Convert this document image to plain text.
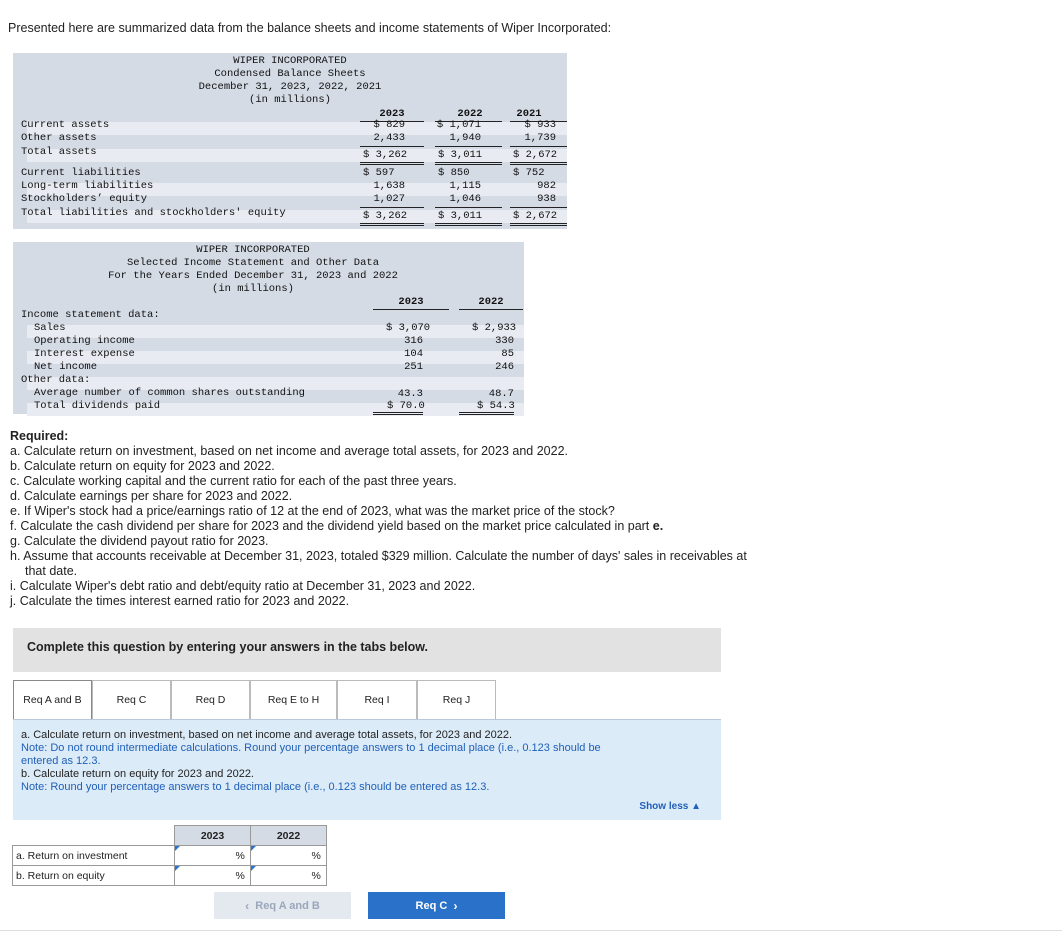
Presented here are summarized data from the balance sheets and income statements of Wiper Incorporated:
WIPER INCORPORATED
Condensed Balance Sheets
December 31, 2023, 2022, 2021
(in millions)
2023	2022	2021
Current assets	$ 829	$ 1,071	$ 933
Other assets	2,433	1,940	1,739
Total assets	$ 3,262	$ 3,011	$ 2,672
Current liabilities	$ 597	$ 850	$ 752
Long-term liabilities	1,638	1,115	982
Stockholders’ equity	1,027	1,046	938
Total liabilities and stockholders' equity	$ 3,262	$ 3,011	$ 2,672
WIPER INCORPORATED
Selected Income Statement and Other Data
For the Years Ended December 31, 2023 and 2022
(in millions)
2023	2022
Income statement data:
Sales	$ 3,070	$ 2,933
Operating income	316	330
Interest expense	104	85
Net income	251	246
Other data:
Average number of common shares outstanding	43.3	48.7
Total dividends paid	$ 70.0	$ 54.3
Required:
a. Calculate return on investment, based on net income and average total assets, for 2023 and 2022.
b. Calculate return on equity for 2023 and 2022.
c. Calculate working capital and the current ratio for each of the past three years.
d. Calculate earnings per share for 2023 and 2022.
e. If Wiper's stock had a price/earnings ratio of 12 at the end of 2023, what was the market price of the stock?
f. Calculate the cash dividend per share for 2023 and the dividend yield based on the market price calculated in part e.
g. Calculate the dividend payout ratio for 2023.
h. Assume that accounts receivable at December 31, 2023, totaled $329 million. Calculate the number of days' sales in receivables at
that date.
i. Calculate Wiper's debt ratio and debt/equity ratio at December 31, 2023 and 2022.
j. Calculate the times interest earned ratio for 2023 and 2022.
Complete this question by entering your answers in the tabs below.
Req A and B	Req C	Req D	Req E to H	Req I	Req J
a. Calculate return on investment, based on net income and average total assets, for 2023 and 2022.
Note: Do not round intermediate calculations. Round your percentage answers to 1 decimal place (i.e., 0.123 should be
entered as 12.3.
b. Calculate return on equity for 2023 and 2022.
Note: Round your percentage answers to 1 decimal place (i.e., 0.123 should be entered as 12.3.
Show less ▲
	2023		2022	
a. Return on investment		%		%
b. Return on equity		%		%
‹
Req A and B	Req C
›
